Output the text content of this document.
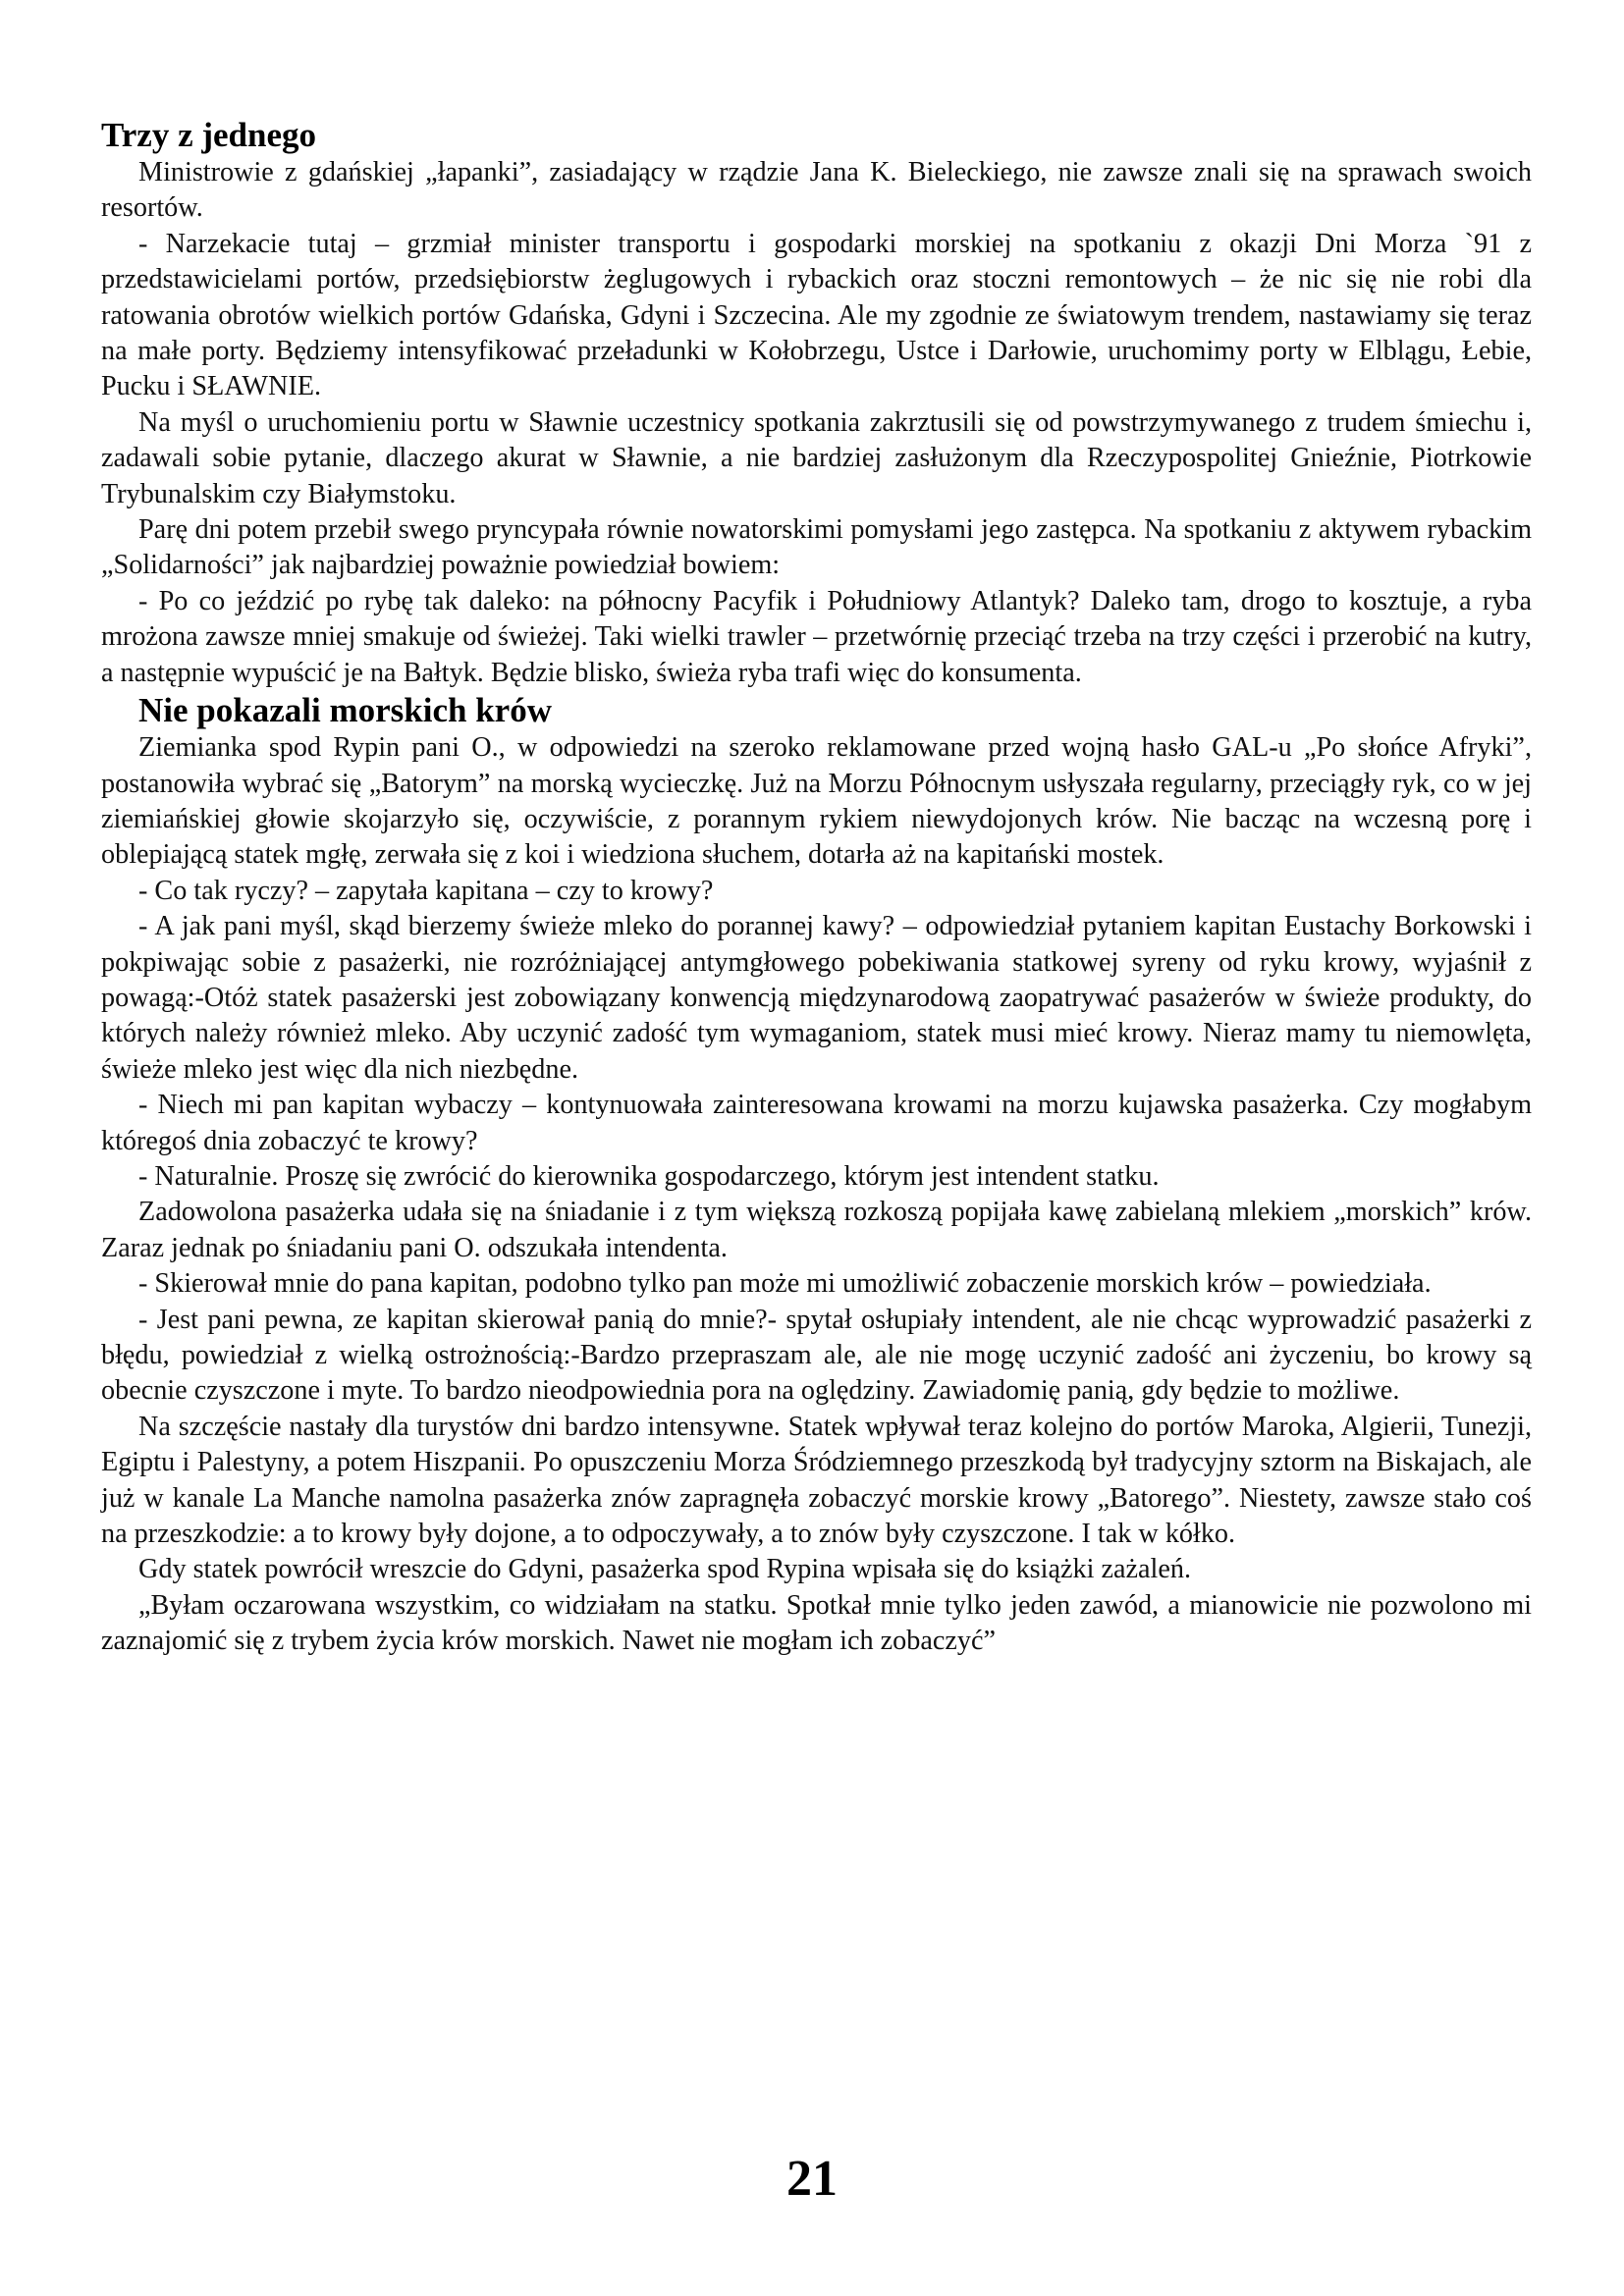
Trzy z jednego

Ministrowie z gdańskiej „łapanki”, zasiadający w rządzie Jana K. Bieleckiego, nie zawsze znali się na sprawach swoich resortów.

- Narzekacie tutaj – grzmiał minister transportu i gospodarki morskiej na spotkaniu z okazji Dni Morza `91 z przedstawicielami portów, przedsiębiorstw żeglugowych i rybackich oraz stoczni remontowych – że nic się nie robi dla ratowania obrotów wielkich portów Gdańska, Gdyni i Szczecina. Ale my zgodnie ze światowym trendem, nastawiamy się teraz na małe porty. Będziemy intensyfikować przeładunki w Kołobrzegu, Ustce i Darłowie, uruchomimy porty w Elblągu, Łebie, Pucku i SŁAWNIE.

Na myśl o uruchomieniu portu w Sławnie uczestnicy spotkania zakrztusili się od powstrzymywanego z trudem śmiechu i, zadawali sobie pytanie, dlaczego akurat w Sławnie, a nie bardziej zasłużonym dla Rzeczypospolitej Gnieźnie, Piotrkowie Trybunalskim czy Białymstoku.

Parę dni potem przebił swego pryncypała równie nowatorskimi pomysłami jego zastępca. Na spotkaniu z aktywem rybackim „Solidarności” jak najbardziej poważnie powiedział bowiem:

- Po co jeździć po rybę tak daleko: na północny Pacyfik i Południowy Atlantyk? Daleko tam, drogo to kosztuje, a ryba mrożona zawsze mniej smakuje od świeżej. Taki wielki trawler – przetwórnię przeciąć trzeba na trzy części i przerobić na kutry, a następnie wypuścić je na Bałtyk. Będzie blisko, świeża ryba trafi więc do konsumenta.

Nie pokazali morskich krów

Ziemianka spod Rypin pani O., w odpowiedzi na szeroko reklamowane przed wojną hasło GAL-u „Po słońce Afryki”, postanowiła wybrać się „Batorym” na morską wycieczkę. Już na Morzu Północnym usłyszała regularny, przeciągły ryk, co w jej ziemiańskiej głowie skojarzyło się, oczywiście, z porannym rykiem niewydojonych krów. Nie bacząc na wczesną porę i oblepiającą statek mgłę, zerwała się z koi i wiedziona słuchem, dotarła aż na kapitański mostek.

- Co tak ryczy? – zapytała kapitana – czy to krowy?

- A jak pani myśl, skąd bierzemy świeże mleko do porannej kawy? – odpowiedział pytaniem kapitan Eustachy Borkowski i pokpiwając sobie z pasażerki, nie rozróżniającej antymgłowego pobekiwania statkowej syreny od ryku krowy, wyjaśnił z powagą:-Otóż statek pasażerski jest zobowiązany konwencją międzynarodową zaopatrywać pasażerów w świeże produkty, do których należy również mleko. Aby uczynić zadość tym wymaganiom, statek musi mieć krowy. Nieraz mamy tu niemowlęta, świeże mleko jest więc dla nich niezbędne.

- Niech mi pan kapitan wybaczy – kontynuowała zainteresowana krowami na morzu kujawska pasażerka. Czy mogłabym któregoś dnia zobaczyć te krowy?

- Naturalnie. Proszę się zwrócić do kierownika gospodarczego, którym jest intendent statku.

Zadowolona pasażerka udała się na śniadanie i z tym większą rozkoszą popijała kawę zabielaną mlekiem „morskich” krów. Zaraz jednak po śniadaniu pani O. odszukała intendenta.

- Skierował mnie do pana kapitan, podobno tylko pan może mi umożliwić zobaczenie morskich krów – powiedziała.

- Jest pani pewna, ze kapitan skierował panią do mnie?- spytał osłupiały intendent, ale nie chcąc wyprowadzić pasażerki z błędu, powiedział z wielką ostrożnością:-Bardzo przepraszam ale, ale nie mogę uczynić zadość ani życzeniu, bo krowy są obecnie czyszczone i myte. To bardzo nieodpowiednia pora na oględziny. Zawiadomię panią, gdy będzie to możliwe.

Na szczęście nastały dla turystów dni bardzo intensywne. Statek wpływał teraz kolejno do portów Maroka, Algierii, Tunezji, Egiptu i Palestyny, a potem Hiszpanii. Po opuszczeniu Morza Śródziemnego przeszkodą był tradycyjny sztorm na Biskajach, ale już w kanale La Manche namolna pasażerka znów zapragnęła zobaczyć morskie krowy „Batorego”. Niestety, zawsze stało coś na przeszkodzie: a to krowy były dojone, a to odpoczywały, a to znów były czyszczone. I tak w kółko.

Gdy statek powrócił wreszcie do Gdyni, pasażerka spod Rypina wpisała się do książki zażaleń.

„Byłam oczarowana wszystkim, co widziałam na statku. Spotkał mnie tylko jeden zawód, a mianowicie nie pozwolono mi zaznajomić się z trybem życia krów morskich. Nawet nie mogłam ich zobaczyć”

21
